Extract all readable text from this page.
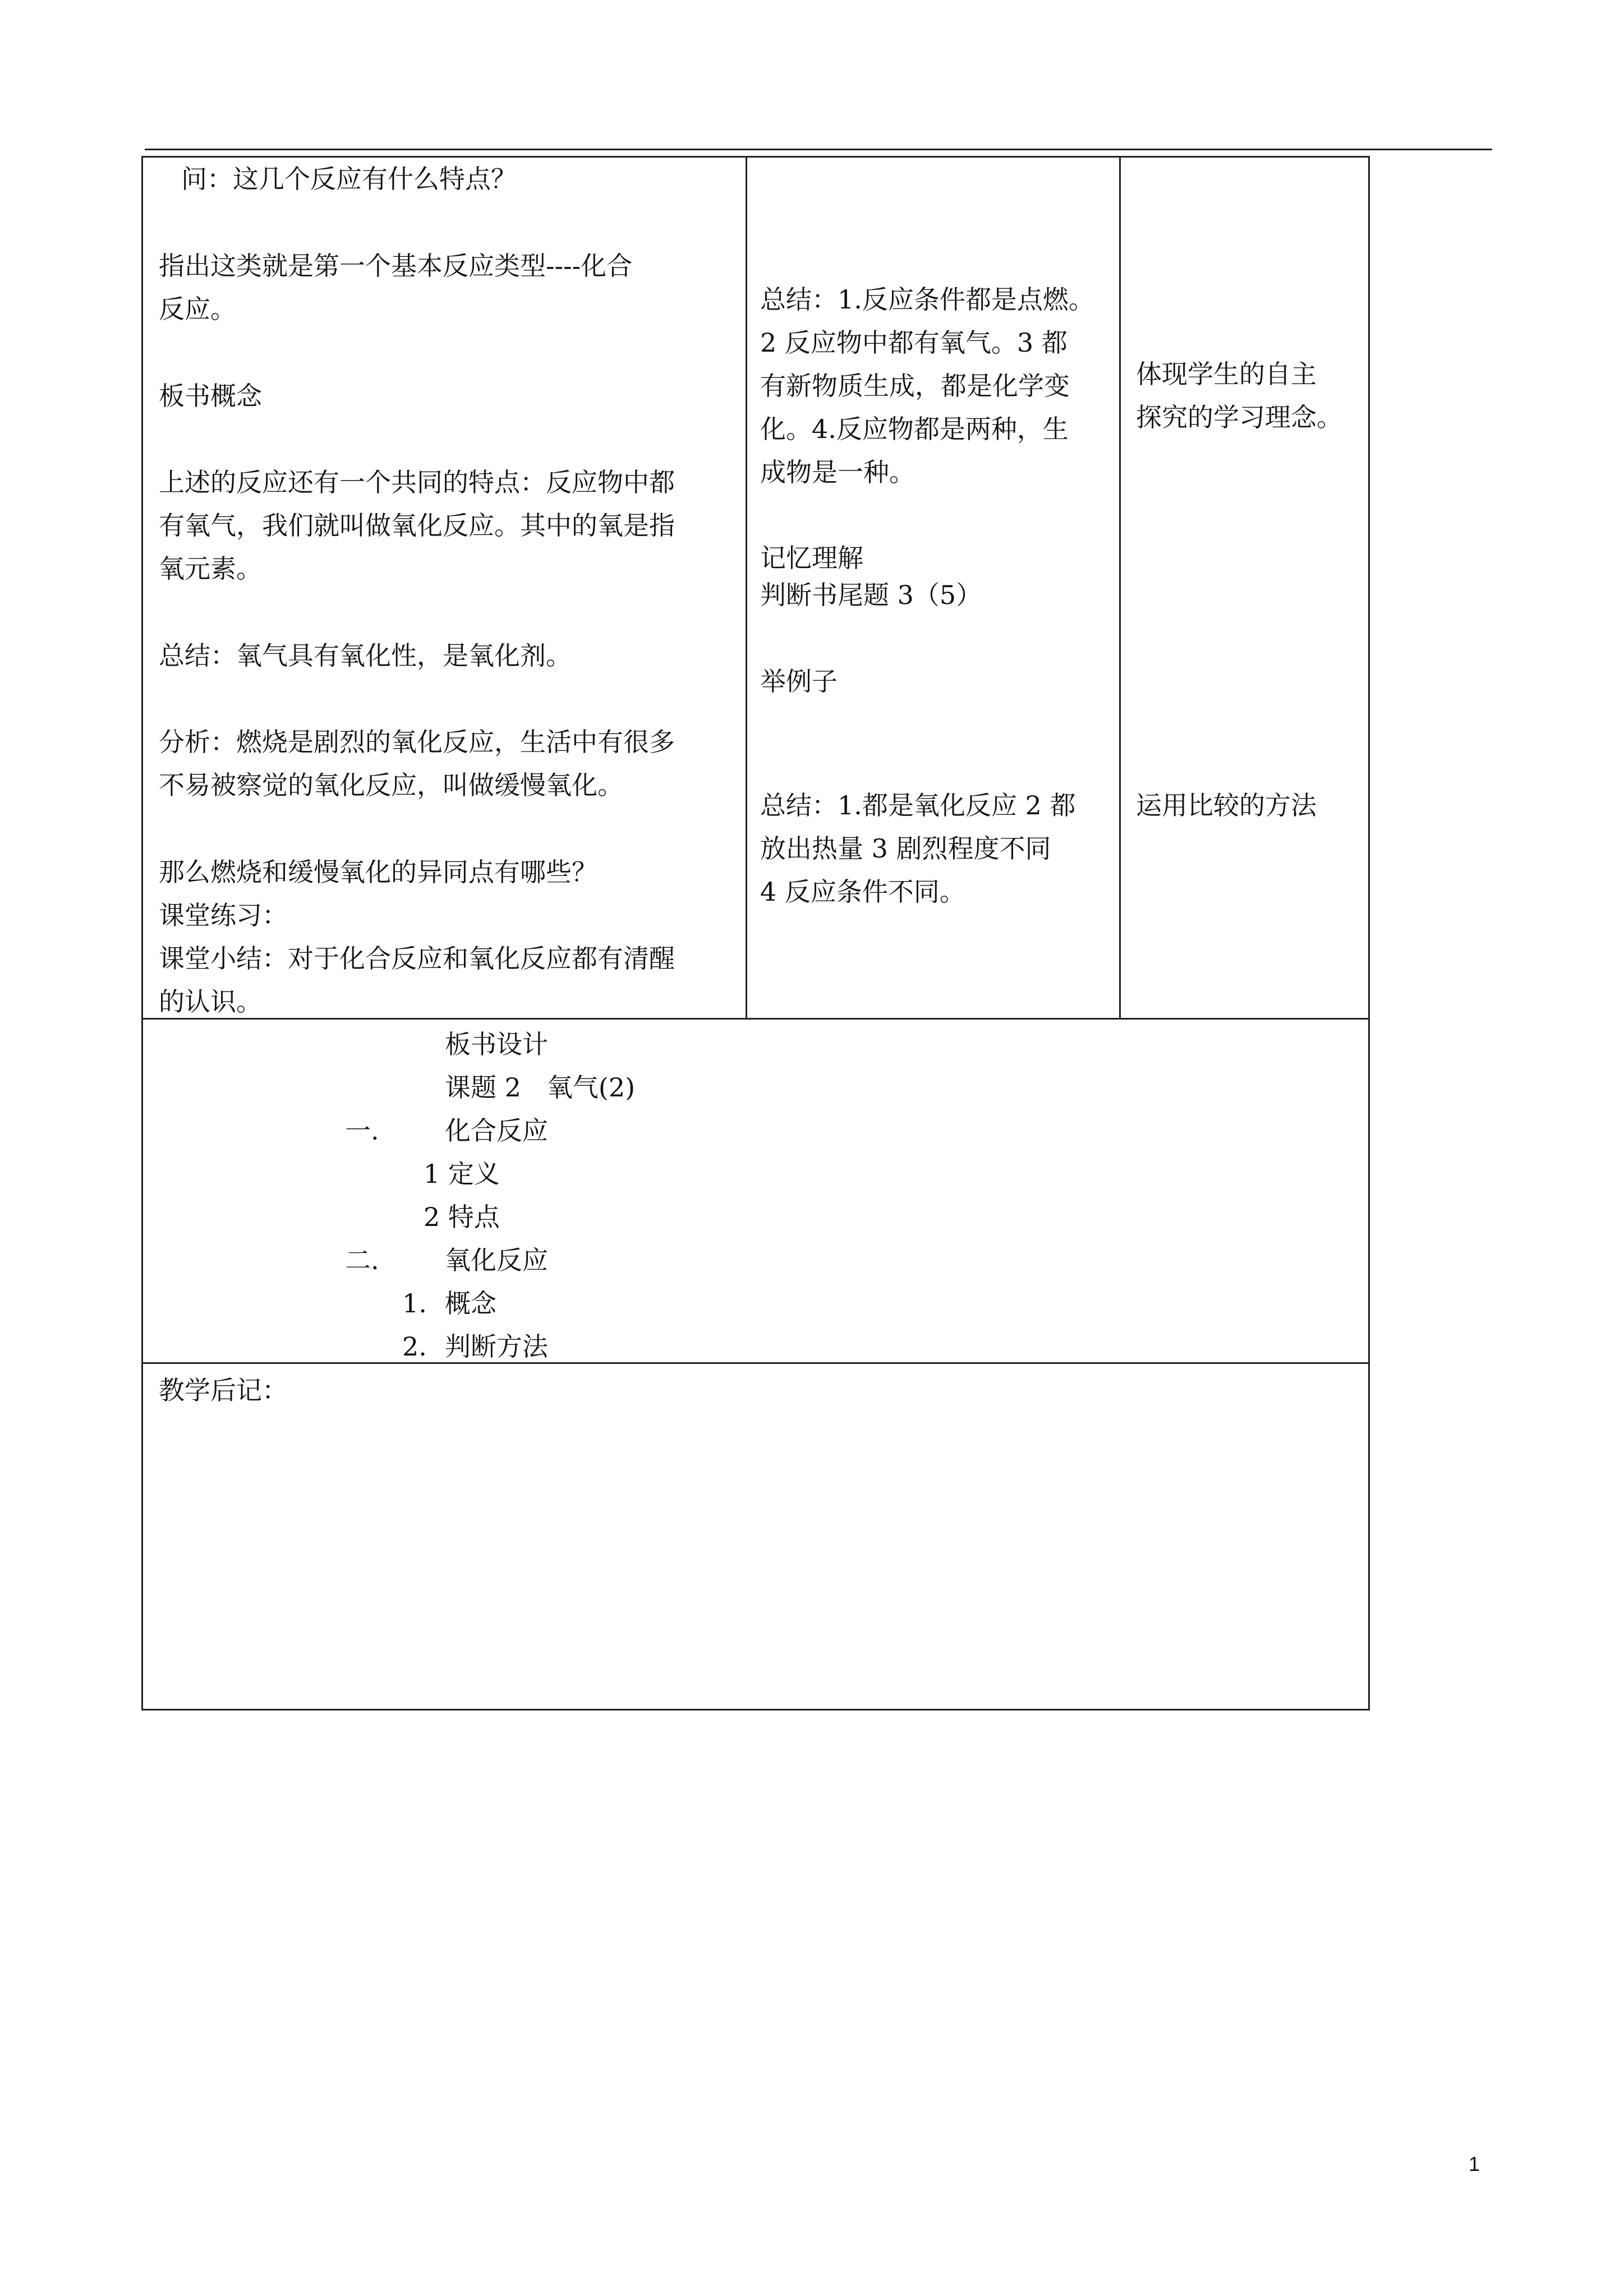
问：这几个反应有什么特点？
指出这类就是第一个基本反应类型----化合
反应。
板书概念
上述的反应还有一个共同的特点：反应物中都
有氧气，我们就叫做氧化反应。其中的氧是指
氧元素。
总结：氧气具有氧化性，是氧化剂。
分析：燃烧是剧烈的氧化反应，生活中有很多
不易被察觉的氧化反应，叫做缓慢氧化。
那么燃烧和缓慢氧化的异同点有哪些？
课堂练习：
课堂小结：对于化合反应和氧化反应都有清醒
的认识。
总结：1.反应条件都是点燃。
2 反应物中都有氧气。3 都
有新物质生成，都是化学变
化。4.反应物都是两种，生
成物是一种。
记忆理解
判断书尾题 3（5）
举例子
总结：1.都是氧化反应 2 都
放出热量 3 剧烈程度不同
4 反应条件不同。
体现学生的自主
探究的学习理念。
运用比较的方法
板书设计
课题 2　氧气(2)
一.	化合反应
1 定义
2 特点
二.	氧化反应
1. 概念
2. 判断方法
教学后记：
1
